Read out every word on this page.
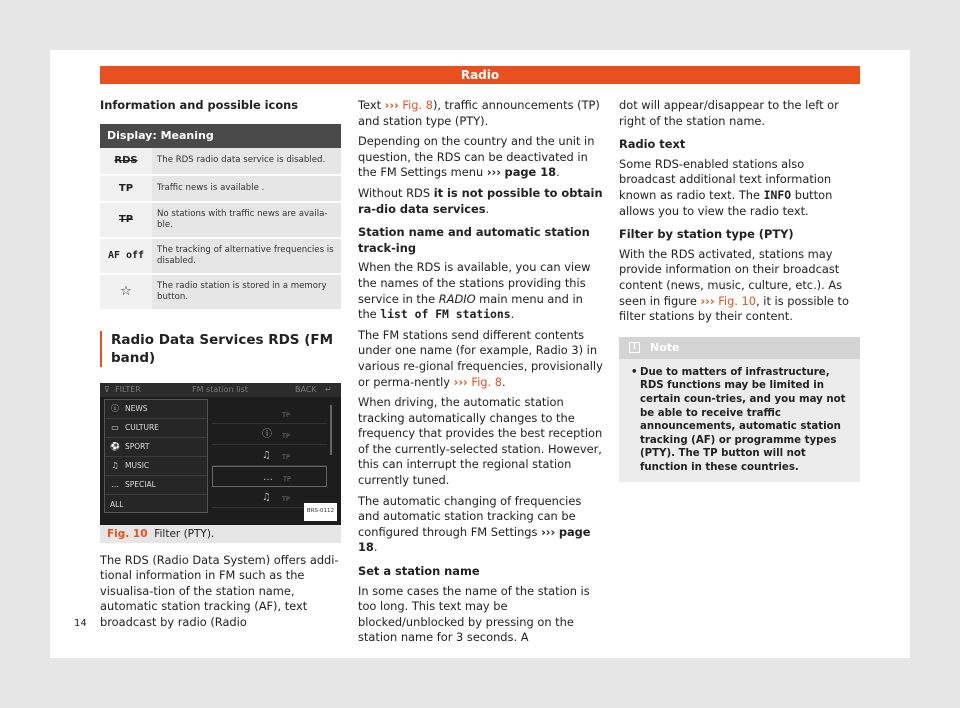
Radio
Information and possible icons
Display: Meaning	
RDS	The RDS radio data service is disabled.
TP	Traffic news is available .
TP	No stations with traffic news are availa-ble.
AF off	The tracking of alternative frequencies is disabled.
☆	The radio station is stored in a memory button.
Radio Data Services RDS (FM band)
⊽ FILTER	FM station list	BACK ↵
ⓘ NEWS
▭ CULTURE
⚽ SPORT
♫ MUSIC
… SPECIAL
ALL
TP
ⓘ TP
♫ TP
… TP
♫ TP
BRS-0112
Fig. 10 Filter (PTY).

The RDS (Radio Data System) offers addi-tional information in FM such as the visualisa-tion of the station name, automatic station tracking (AF), text broadcast by radio (Radio

Text ››› Fig. 8), traffic announcements (TP) and station type (PTY).

Depending on the country and the unit in question, the RDS can be deactivated in the FM Settings menu ››› page 18.

Without RDS it is not possible to obtain ra-dio data services.

Station name and automatic station track-ing

When the RDS is available, you can view the names of the stations providing this service in the RADIO main menu and in the list of FM stations.

The FM stations send different contents under one name (for example, Radio 3) in various re-gional frequencies, provisionally or perma-nently ››› Fig. 8.

When driving, the automatic station tracking automatically changes to the frequency that provides the best reception of the currently-selected station. However, this can interrupt the regional station currently tuned.

The automatic changing of frequencies and automatic station tracking can be configured through FM Settings ››› page 18.

Set a station name

In some cases the name of the station is too long. This text may be blocked/unblocked by pressing on the station name for 3 seconds. A

dot will appear/disappear to the left or right of the station name.

Radio text

Some RDS-enabled stations also broadcast additional text information known as radio text. The INFO button allows you to view the radio text.

Filter by station type (PTY)

With the RDS activated, stations may provide information on their broadcast content (news, music, culture, etc.). As seen in figure ››› Fig. 10, it is possible to filter stations by their content.

i	Note
• Due to matters of infrastructure, RDS functions may be limited in certain coun-tries, and you may not be able to receive traffic announcements, automatic station tracking (AF) or programme types (PTY). The TP button will not function in these countries.
14
